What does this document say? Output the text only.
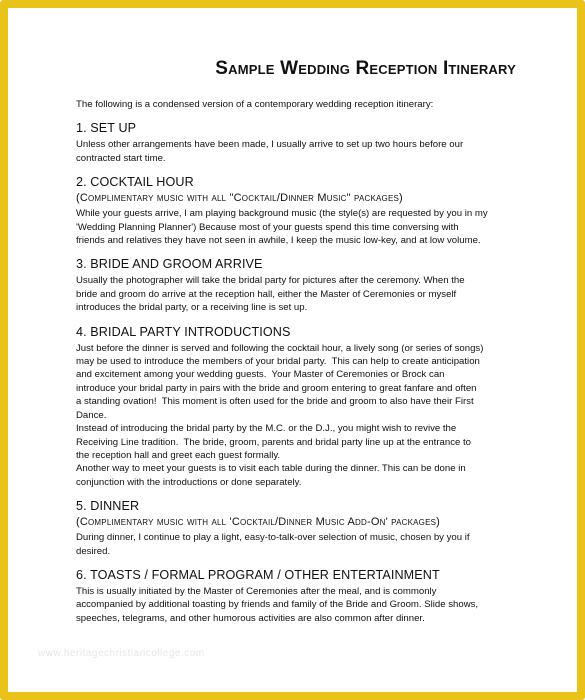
Sample Wedding Reception Itinerary

The following is a condensed version of a contemporary wedding reception itinerary:

1. SET UP

Unless other arrangements have been made, I usually arrive to set up two hours before our
contracted start time.

2. COCKTAIL HOUR
(Complimentary music with all "Cocktail/Dinner Music" packages)

While your guests arrive, I am playing background music (the style(s) are requested by you in my
'Wedding Planning Planner') Because most of your guests spend this time conversing with
friends and relatives they have not seen in awhile, I keep the music low-key, and at low volume.

3. BRIDE AND GROOM ARRIVE

Usually the photographer will take the bridal party for pictures after the ceremony. When the
bride and groom do arrive at the reception hall, either the Master of Ceremonies or myself
introduces the bridal party, or a receiving line is set up.

4. BRIDAL PARTY INTRODUCTIONS

Just before the dinner is served and following the cocktail hour, a lively song (or series of songs)
may be used to introduce the members of your bridal party.  This can help to create anticipation
and excitement among your wedding guests.  Your Master of Ceremonies or Brock can
introduce your bridal party in pairs with the bride and groom entering to great fanfare and often
a standing ovation!  This moment is often used for the bride and groom to also have their First
Dance.

Instead of introducing the bridal party by the M.C. or the D.J., you might wish to revive the
Receiving Line tradition.  The bride, groom, parents and bridal party line up at the entrance to
the reception hall and greet each guest formally.

Another way to meet your guests is to visit each table during the dinner. This can be done in
conjunction with the introductions or done separately.

5. DINNER
(Complimentary music with all 'Cocktail/Dinner Music Add-On' packages)

During dinner, I continue to play a light, easy-to-talk-over selection of music, chosen by you if
desired.

6. TOASTS / FORMAL PROGRAM / OTHER ENTERTAINMENT

This is usually initiated by the Master of Ceremonies after the meal, and is commonly
accompanied by additional toasting by friends and family of the Bride and Groom. Slide shows,
speeches, telegrams, and other humorous activities are also common after dinner.

www.heritagechristiancollege.com
